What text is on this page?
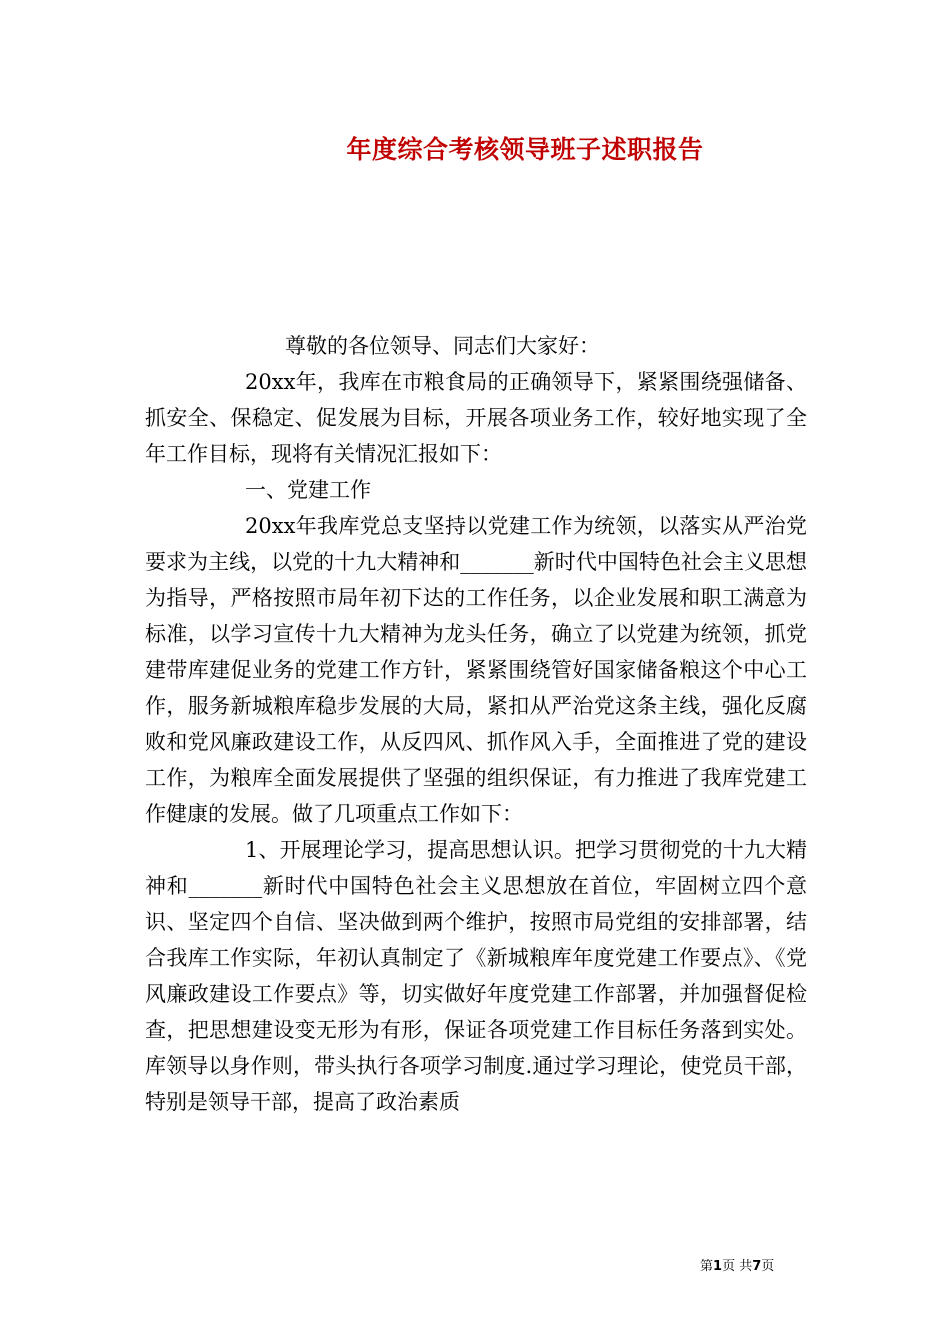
年度综合考核领导班子述职报告

尊敬的各位领导、同志们大家好：

20xx年，我库在市粮食局的正确领导下，紧紧围绕强储备、抓安全、保稳定、促发展为目标，开展各项业务工作，较好地实现了全年工作目标，现将有关情况汇报如下：

一、党建工作

20xx年我库党总支坚持以党建工作为统领，以落实从严治党要求为主线，以党的十九大精神和_______新时代中国特色社会主义思想为指导，严格按照市局年初下达的工作任务，以企业发展和职工满意为标准，以学习宣传十九大精神为龙头任务，确立了以党建为统领，抓党建带库建促业务的党建工作方针，紧紧围绕管好国家储备粮这个中心工作，服务新城粮库稳步发展的大局，紧扣从严治党这条主线，强化反腐败和党风廉政建设工作，从反四风、抓作风入手，全面推进了党的建设工作，为粮库全面发展提供了坚强的组织保证，有力推进了我库党建工作健康的发展。做了几项重点工作如下：

1、开展理论学习，提高思想认识。把学习贯彻党的十九大精神和_______新时代中国特色社会主义思想放在首位，牢固树立四个意识、坚定四个自信、坚决做到两个维护，按照市局党组的安排部署，结合我库工作实际，年初认真制定了《新城粮库年度党建工作要点》、《党风廉政建设工作要点》等，切实做好年度党建工作部署，并加强督促检查，把思想建设变无形为有形，保证各项党建工作目标任务落到实处。库领导以身作则，带头执行各项学习制度.通过学习理论，使党员干部，特别是领导干部，提高了政治素质

第1页 共7页
